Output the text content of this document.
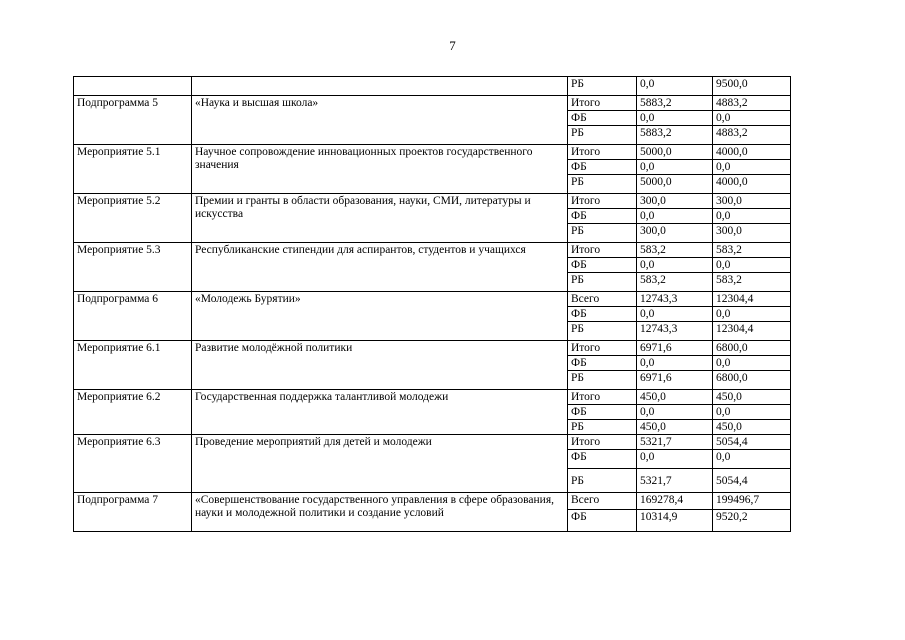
7
		РБ	0,0	9500,0
Подпрограмма 5	«Наука и высшая школа»	Итого	5883,2	4883,2
		ФБ	0,0	0,0
		РБ	5883,2	4883,2
Мероприятие 5.1	Научное сопровождение инновационных проектов государственного значения	Итого	5000,0	4000,0
		ФБ	0,0	0,0
		РБ	5000,0	4000,0
Мероприятие 5.2	Премии и гранты в области образования, науки, СМИ, литературы и искусства	Итого	300,0	300,0
		ФБ	0,0	0,0
		РБ	300,0	300,0
Мероприятие 5.3	Республиканские стипендии для аспирантов, студентов и учащихся	Итого	583,2	583,2
		ФБ	0,0	0,0
		РБ	583,2	583,2
Подпрограмма 6	«Молодежь Бурятии»	Всего	12743,3	12304,4
		ФБ	0,0	0,0
		РБ	12743,3	12304,4
Мероприятие 6.1	Развитие молодёжной политики	Итого	6971,6	6800,0
		ФБ	0,0	0,0
		РБ	6971,6	6800,0
Мероприятие 6.2	Государственная поддержка талантливой молодежи	Итого	450,0	450,0
		ФБ	0,0	0,0
		РБ	450,0	450,0
Мероприятие 6.3	Проведение мероприятий для детей и молодежи	Итого	5321,7	5054,4
		ФБ	0,0	0,0
		РБ	5321,7	5054,4
Подпрограмма 7	«Совершенствование государственного управления в сфере образования, науки и молодежной политики и создание условий	Всего	169278,4	199496,7
		ФБ	10314,9	9520,2
